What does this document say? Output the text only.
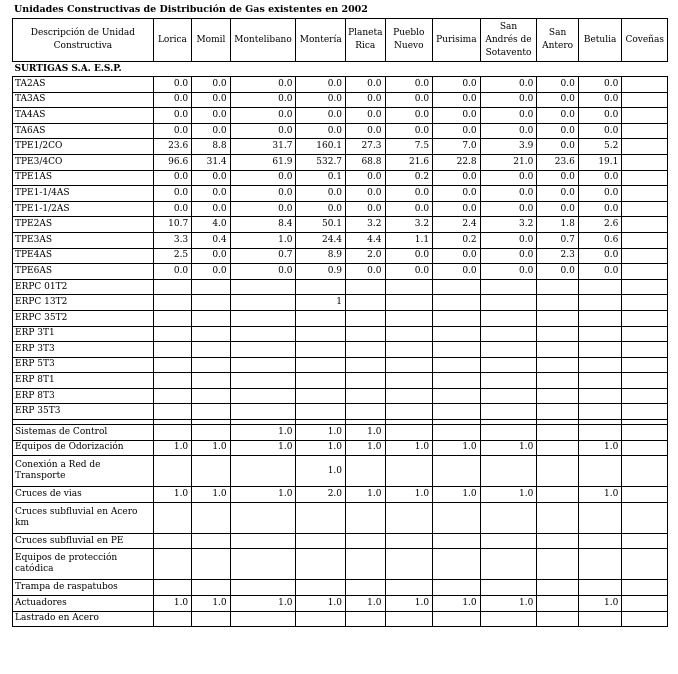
Unidades Constructivas de Distribución de Gas existentes en 2002
Descripción de Unidad Constructiva	Lorica	Momil	Montelibano	Montería	Planeta Rica	Pueblo Nuevo	Purisima	San Andrés de Sotavento	San Antero	Betulia	Coveñas
SURTIGAS S.A. E.S.P.											
TA2AS	0.0	0.0	0.0	0.0	0.0	0.0	0.0	0.0	0.0	0.0	
TA3AS	0.0	0.0	0.0	0.0	0.0	0.0	0.0	0.0	0.0	0.0	
TA4AS	0.0	0.0	0.0	0.0	0.0	0.0	0.0	0.0	0.0	0.0	
TA6AS	0.0	0.0	0.0	0.0	0.0	0.0	0.0	0.0	0.0	0.0	
TPE1/2CO	23.6	8.8	31.7	160.1	27.3	7.5	7.0	3.9	0.0	5.2	
TPE3/4CO	96.6	31.4	61.9	532.7	68.8	21.6	22.8	21.0	23.6	19.1	
TPE1AS	0.0	0.0	0.0	0.1	0.0	0.2	0.0	0.0	0.0	0.0	
TPE1-1/4AS	0.0	0.0	0.0	0.0	0.0	0.0	0.0	0.0	0.0	0.0	
TPE1-1/2AS	0.0	0.0	0.0	0.0	0.0	0.0	0.0	0.0	0.0	0.0	
TPE2AS	10.7	4.0	8.4	50.1	3.2	3.2	2.4	3.2	1.8	2.6	
TPE3AS	3.3	0.4	1.0	24.4	4.4	1.1	0.2	0.0	0.7	0.6	
TPE4AS	2.5	0.0	0.7	8.9	2.0	0.0	0.0	0.0	2.3	0.0	
TPE6AS	0.0	0.0	0.0	0.9	0.0	0.0	0.0	0.0	0.0	0.0	
ERPC 01T2											
ERPC 13T2				1							
ERPC 35T2											
ERP 3T1											
ERP 3T3											
ERP 5T3											
ERP 8T1											
ERP 8T3											
ERP 35T3											

Sistemas de Control			1.0	1.0	1.0						
Equipos de Odorización	1.0	1.0	1.0	1.0	1.0	1.0	1.0	1.0		1.0	
Conexión a Red de Transporte				1.0							
Cruces de vias	1.0	1.0	1.0	2.0	1.0	1.0	1.0	1.0		1.0	
Cruces subfluvial en Acero km											
Cruces subfluvial en PE											
Equipos de protección catódica											
Trampa de raspatubos											
Actuadores	1.0	1.0	1.0	1.0	1.0	1.0	1.0	1.0		1.0	
Lastrado en Acero											
